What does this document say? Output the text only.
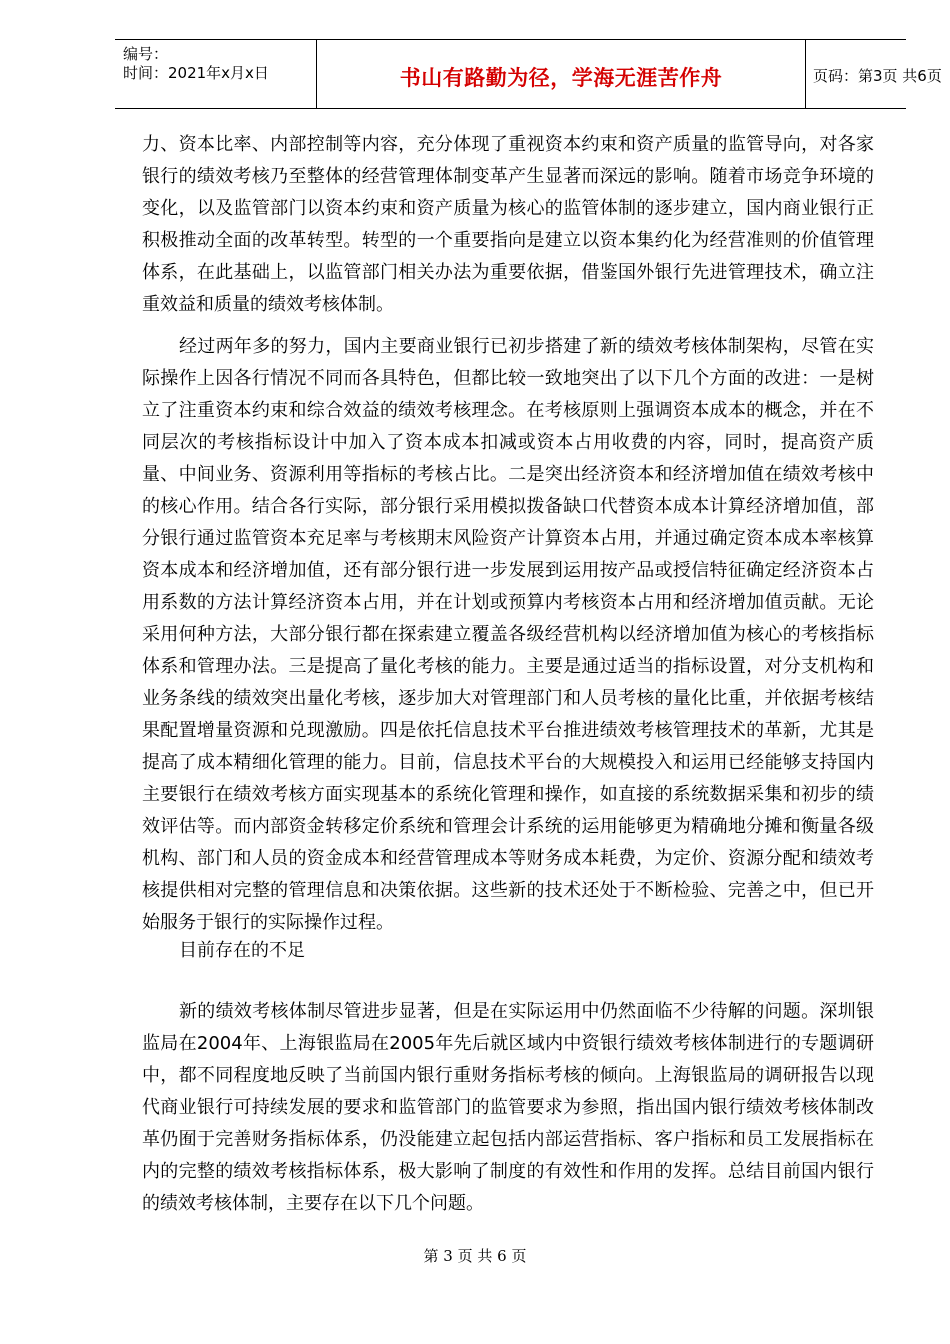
编号：
时间：2021年x月x日	书山有路勤为径，学海无涯苦作舟	页码：第3页 共6页

力、资本比率、内部控制等内容，充分体现了重视资本约束和资产质量的监管导向，对各家银行的绩效考核乃至整体的经营管理体制变革产生显著而深远的影响。随着市场竞争环境的变化，以及监管部门以资本约束和资产质量为核心的监管体制的逐步建立，国内商业银行正积极推动全面的改革转型。转型的一个重要指向是建立以资本集约化为经营准则的价值管理体系，在此基础上，以监管部门相关办法为重要依据，借鉴国外银行先进管理技术，确立注重效益和质量的绩效考核体制。

经过两年多的努力，国内主要商业银行已初步搭建了新的绩效考核体制架构，尽管在实际操作上因各行情况不同而各具特色，但都比较一致地突出了以下几个方面的改进：一是树立了注重资本约束和综合效益的绩效考核理念。在考核原则上强调资本成本的概念，并在不同层次的考核指标设计中加入了资本成本扣减或资本占用收费的内容，同时，提高资产质量、中间业务、资源利用等指标的考核占比。二是突出经济资本和经济增加值在绩效考核中的核心作用。结合各行实际，部分银行采用模拟拨备缺口代替资本成本计算经济增加值，部分银行通过监管资本充足率与考核期末风险资产计算资本占用，并通过确定资本成本率核算资本成本和经济增加值，还有部分银行进一步发展到运用按产品或授信特征确定经济资本占用系数的方法计算经济资本占用，并在计划或预算内考核资本占用和经济增加值贡献。无论采用何种方法，大部分银行都在探索建立覆盖各级经营机构以经济增加值为核心的考核指标体系和管理办法。三是提高了量化考核的能力。主要是通过适当的指标设置，对分支机构和业务条线的绩效突出量化考核，逐步加大对管理部门和人员考核的量化比重，并依据考核结果配置增量资源和兑现激励。四是依托信息技术平台推进绩效考核管理技术的革新，尤其是提高了成本精细化管理的能力。目前，信息技术平台的大规模投入和运用已经能够支持国内主要银行在绩效考核方面实现基本的系统化管理和操作，如直接的系统数据采集和初步的绩效评估等。而内部资金转移定价系统和管理会计系统的运用能够更为精确地分摊和衡量各级机构、部门和人员的资金成本和经营管理成本等财务成本耗费，为定价、资源分配和绩效考核提供相对完整的管理信息和决策依据。这些新的技术还处于不断检验、完善之中，但已开始服务于银行的实际操作过程。

目前存在的不足

新的绩效考核体制尽管进步显著，但是在实际运用中仍然面临不少待解的问题。深圳银监局在2004年、上海银监局在2005年先后就区域内中资银行绩效考核体制进行的专题调研中，都不同程度地反映了当前国内银行重财务指标考核的倾向。上海银监局的调研报告以现代商业银行可持续发展的要求和监管部门的监管要求为参照，指出国内银行绩效考核体制改革仍囿于完善财务指标体系，仍没能建立起包括内部运营指标、客户指标和员工发展指标在内的完整的绩效考核指标体系，极大影响了制度的有效性和作用的发挥。总结目前国内银行的绩效考核体制，主要存在以下几个问题。

第 3 页 共 6 页
